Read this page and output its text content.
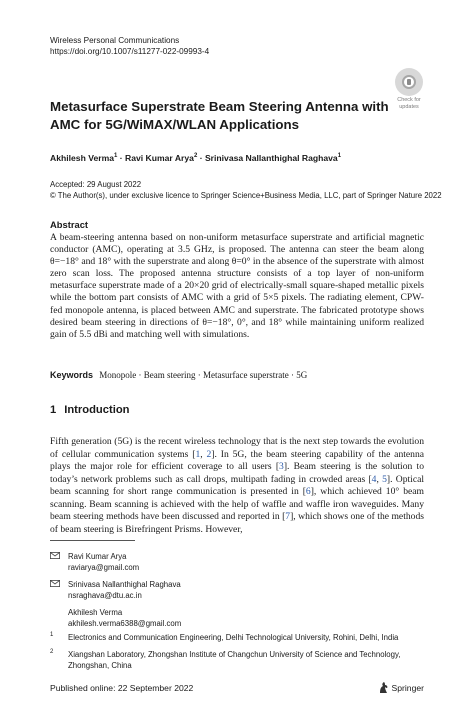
Wireless Personal Communications
https://doi.org/10.1007/s11277-022-09993-4
Check for
updates
Metasurface Superstrate Beam Steering Antenna with AMC for 5G/WiMAX/WLAN Applications
Akhilesh Verma$^1$ · Ravi Kumar Arya$^2$ · Srinivasa Nallanthighal Raghava$^1$
Accepted: 29 August 2022
© The Author(s), under exclusive licence to Springer Science+Business Media, LLC, part of Springer Nature 2022
Abstract
A beam-steering antenna based on non-uniform metasurface superstrate and artificial magnetic conductor (AMC), operating at 3.5 GHz, is proposed. The antenna can steer the beam along θ=−18° and 18° with the superstrate and along θ=0° in the absence of the superstrate with almost zero scan loss. The proposed antenna structure consists of a top layer of non-uniform metasurface superstrate made of a 20×20 grid of electrically-small square-shaped metallic pixels while the bottom part consists of AMC with a grid of 5×5 pixels. The radiating element, CPW-fed monopole antenna, is placed between AMC and superstrate. The fabricated prototype shows desired beam steering in directions of θ=−18°, 0°, and 18° while maintaining uniform realized gain of 5.5 dBi and matching well with simulations.
Keywords Monopole · Beam steering · Metasurface superstrate · 5G
1 Introduction
Fifth generation (5G) is the recent wireless technology that is the next step towards the evolution of cellular communication systems [1, 2]. In 5G, the beam steering capability of the antenna plays the major role for efficient coverage to all users [3]. Beam steering is the solution to today’s network problems such as call drops, multipath fading in crowded areas [4, 5]. Optical beam scanning for short range communication is presented in [6], which achieved 10° beam scanning. Beam scanning is achieved with the help of waffle and waffle iron waveguides. Many beam steering methods have been discussed and reported in [7], which shows one of the methods of beam steering is Birefringent Prisms. However,
Ravi Kumar Arya
raviarya@gmail.com
Srinivasa Nallanthighal Raghava
nsraghava@dtu.ac.in
Akhilesh Verma
akhilesh.verma6388@gmail.com
1 Electronics and Communication Engineering, Delhi Technological University, Rohini, Delhi, India
2 Xiangshan Laboratory, Zhongshan Institute of Changchun University of Science and Technology, Zhongshan, China
Published online: 22 September 2022	Springer
